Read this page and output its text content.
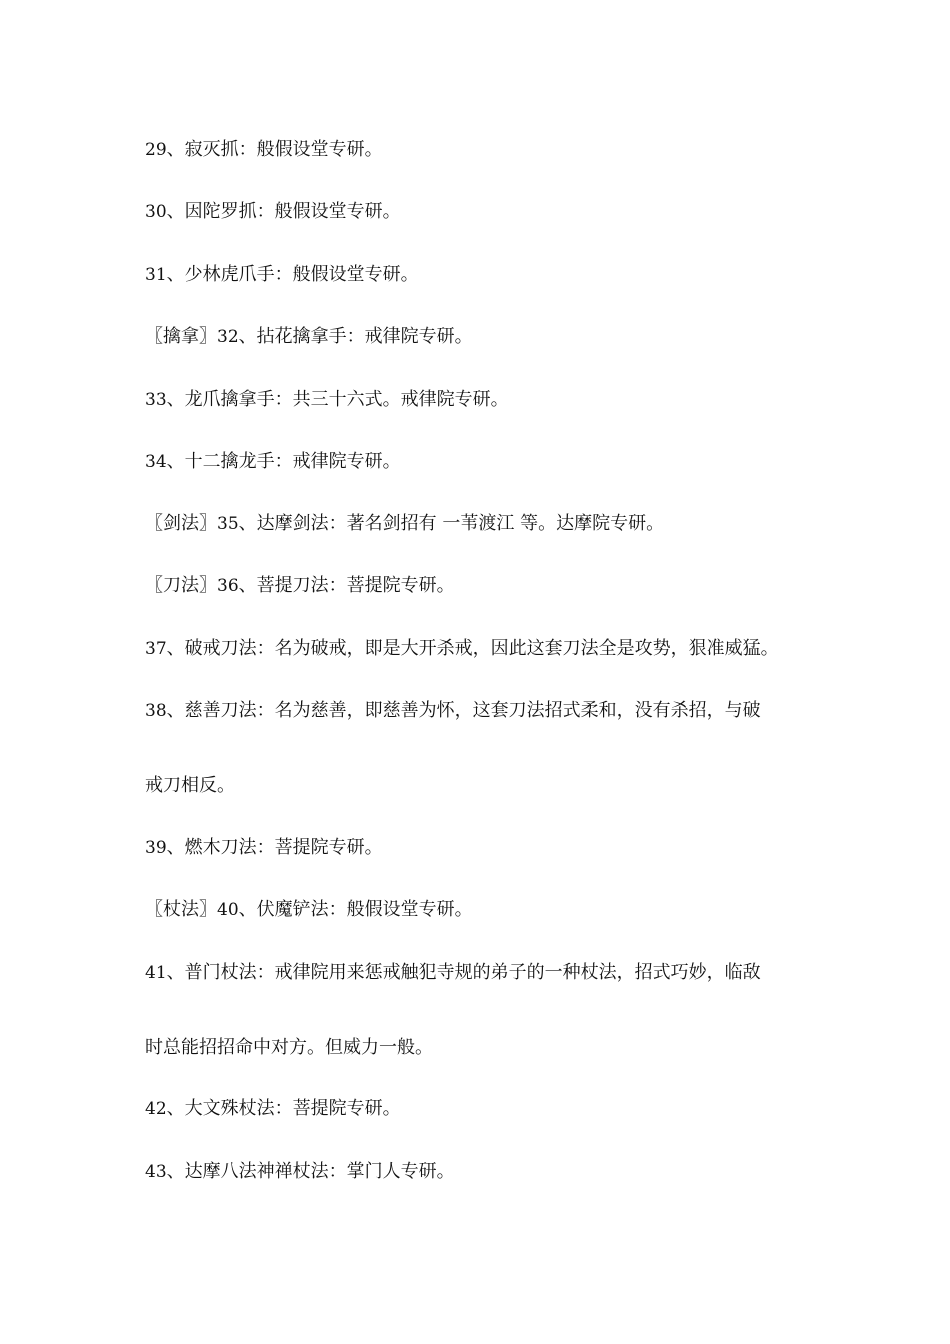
29、寂灭抓：般假设堂专研。
30、因陀罗抓：般假设堂专研。
31、少林虎爪手：般假设堂专研。
〖擒拿〗32、拈花擒拿手：戒律院专研。
33、龙爪擒拿手：共三十六式。戒律院专研。
34、十二擒龙手：戒律院专研。
〖剑法〗35、达摩剑法：著名剑招有 一苇渡江 等。达摩院专研。
〖刀法〗36、菩提刀法：菩提院专研。
37、破戒刀法：名为破戒，即是大开杀戒，因此这套刀法全是攻势，狠准威猛。
38、慈善刀法：名为慈善，即慈善为怀，这套刀法招式柔和，没有杀招，与破
戒刀相反。
39、燃木刀法：菩提院专研。
〖杖法〗40、伏魔铲法：般假设堂专研。
41、普门杖法：戒律院用来惩戒触犯寺规的弟子的一种杖法，招式巧妙，临敌
时总能招招命中对方。但威力一般。
42、大文殊杖法：菩提院专研。
43、达摩八法神禅杖法：掌门人专研。
